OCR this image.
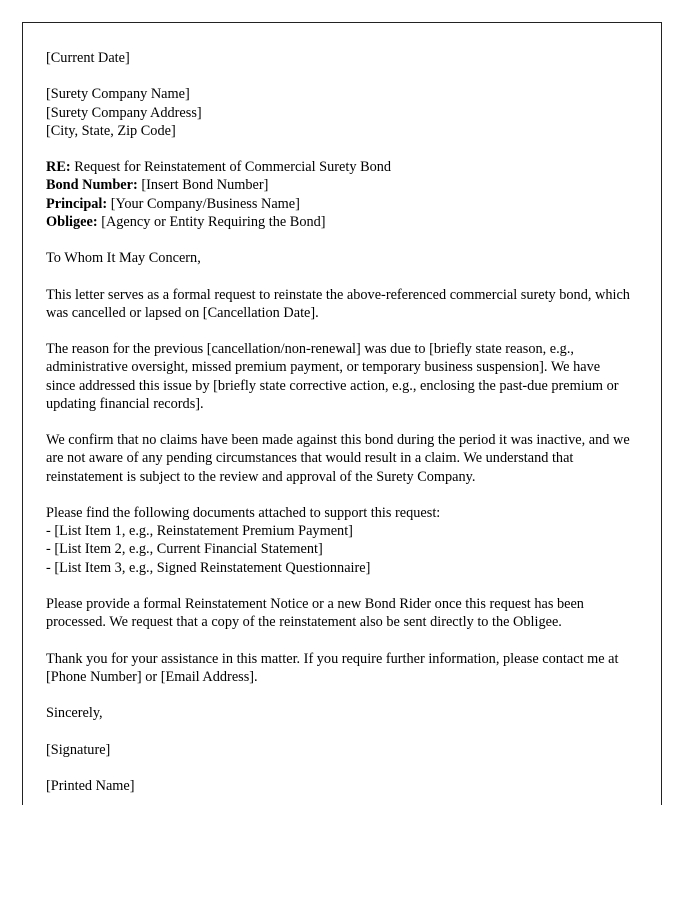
[Current Date]

[Surety Company Name]
[Surety Company Address]
[City, State, Zip Code]
RE: Request for Reinstatement of Commercial Surety Bond
Bond Number: [Insert Bond Number]
Principal: [Your Company/Business Name]
Obligee: [Agency or Entity Requiring the Bond]

To Whom It May Concern,

This letter serves as a formal request to reinstate the above-referenced commercial surety bond, which was cancelled or lapsed on [Cancellation Date].

The reason for the previous [cancellation/non-renewal] was due to [briefly state reason, e.g., administrative oversight, missed premium payment, or temporary business suspension]. We have since addressed this issue by [briefly state corrective action, e.g., enclosing the past-due premium or updating financial records].

We confirm that no claims have been made against this bond during the period it was inactive, and we are not aware of any pending circumstances that would result in a claim. We understand that reinstatement is subject to the review and approval of the Surety Company.

Please find the following documents attached to support this request:
- [List Item 1, e.g., Reinstatement Premium Payment]
- [List Item 2, e.g., Current Financial Statement]
- [List Item 3, e.g., Signed Reinstatement Questionnaire]

Please provide a formal Reinstatement Notice or a new Bond Rider once this request has been processed. We request that a copy of the reinstatement also be sent directly to the Obligee.

Thank you for your assistance in this matter. If you require further information, please contact me at [Phone Number] or [Email Address].

Sincerely,

[Signature]

[Printed Name]
